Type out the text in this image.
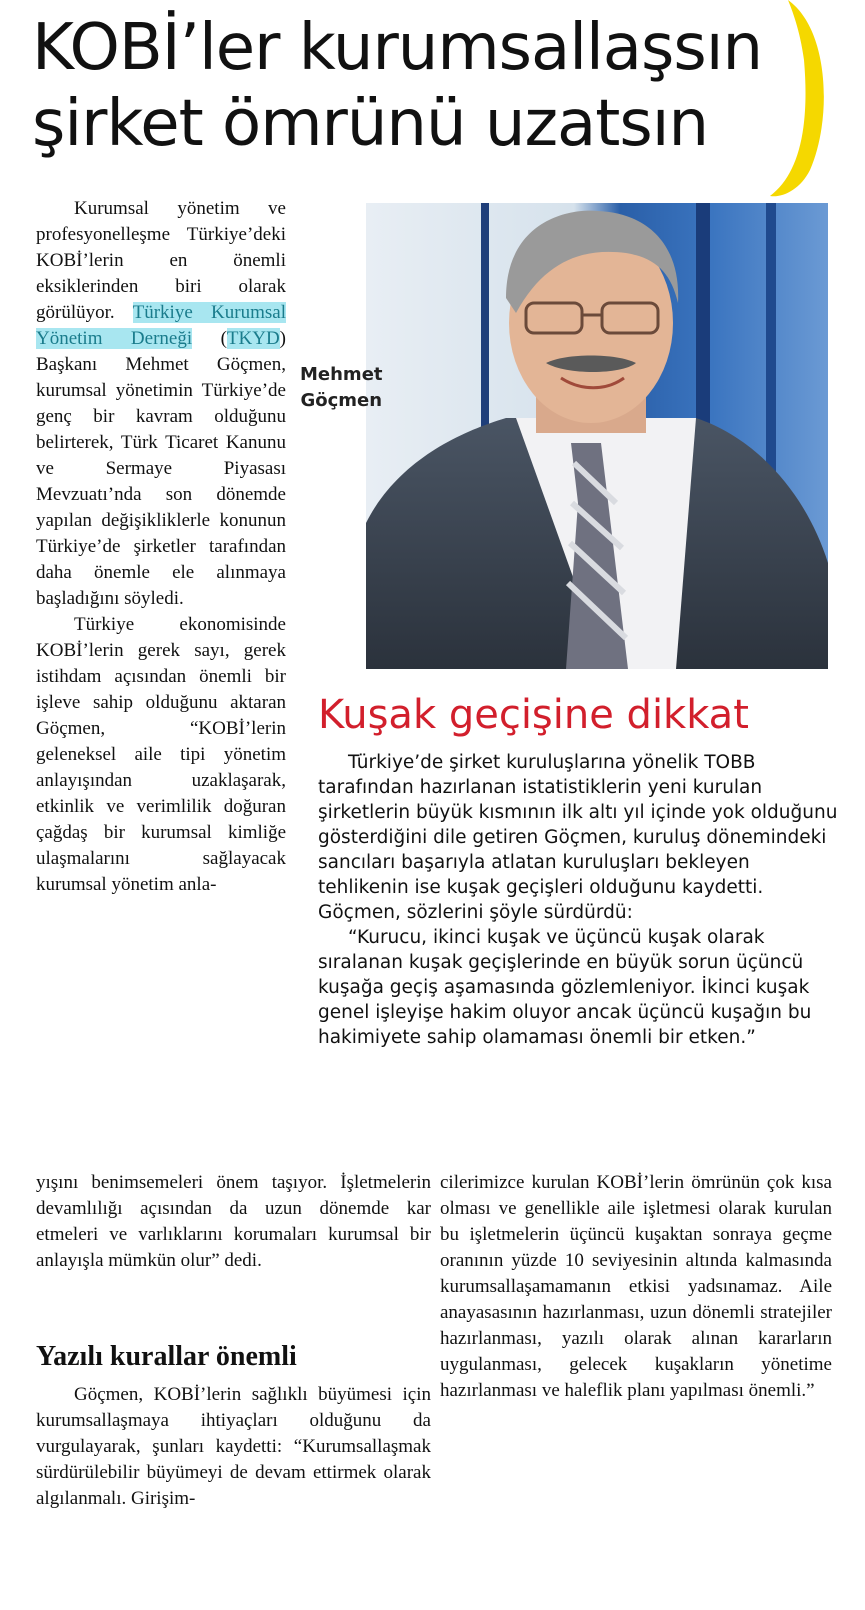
KOBİ’ler kurumsallaşsın
şirket ömrünü uzatsın
Mehmet
Göçmen

Kurumsal yönetim ve profesyonelleşme Türkiye’deki KOBİ’lerin en önemli eksiklerinden biri olarak görülüyor. Türkiye Kurumsal Yönetim Derneği (TKYD) Başkanı Mehmet Göçmen, kurumsal yönetimin Türkiye’de genç bir kavram olduğunu belirterek, Türk Ticaret Kanunu ve Sermaye Piyasası Mevzuatı’nda son dönemde yapılan değişikliklerle konunun Türkiye’de şirketler tarafından daha önemle ele alınmaya başladığını söyledi.

Türkiye ekonomisinde KOBİ’lerin gerek sayı, gerek istihdam açısından önemli bir işleve sahip olduğunu aktaran Göçmen, “KOBİ’lerin geleneksel aile tipi yönetim anlayışından uzaklaşarak, etkinlik ve verimlilik doğuran çağdaş bir kurumsal kimliğe ulaşmalarını sağlayacak kurumsal yönetim anla-

yışını benimsemeleri önem taşıyor. İşletmelerin devamlılığı açısından da uzun dönemde kar etmeleri ve varlıklarını korumaları kurumsal bir anlayışla mümkün olur” dedi.

Yazılı kurallar önemli

Göçmen, KOBİ’lerin sağlıklı büyümesi için kurumsallaşmaya ihtiyaçları olduğunu da vurgulayarak, şunları kaydetti: “Kurumsallaşmak sürdürülebilir büyümeyi de devam ettirmek olarak algılanmalı. Girişim-

cilerimizce kurulan KOBİ’lerin ömrünün çok kısa olması ve genellikle aile işletmesi olarak kurulan bu işletmelerin üçüncü kuşaktan sonraya geçme oranının yüzde 10 seviyesinin altında kalmasında kurumsallaşamamanın etkisi yadsınamaz. Aile anayasasının hazırlanması, uzun dönemli stratejiler hazırlanması, yazılı olarak alınan kararların uygulanması, gelecek kuşakların yönetime hazırlanması ve haleflik planı yapılması önemli.”

Kuşak geçişine dikkat

Türkiye’de şirket kuruluşlarına yönelik TOBB tarafından hazırlanan istatistiklerin yeni kurulan şirketlerin büyük kısmının ilk altı yıl içinde yok olduğunu gösterdiğini dile getiren Göçmen, kuruluş dönemindeki sancıları başarıyla atlatan kuruluşları bekleyen tehlikenin ise kuşak geçişleri olduğunu kaydetti. Göçmen, sözlerini şöyle sürdürdü:

“Kurucu, ikinci kuşak ve üçüncü kuşak olarak sıralanan kuşak geçişlerinde en büyük sorun üçüncü kuşağa geçiş aşamasında gözlemleniyor. İkinci kuşak genel işleyişe hakim oluyor ancak üçüncü kuşağın bu hakimiyete sahip olamaması önemli bir etken.”
